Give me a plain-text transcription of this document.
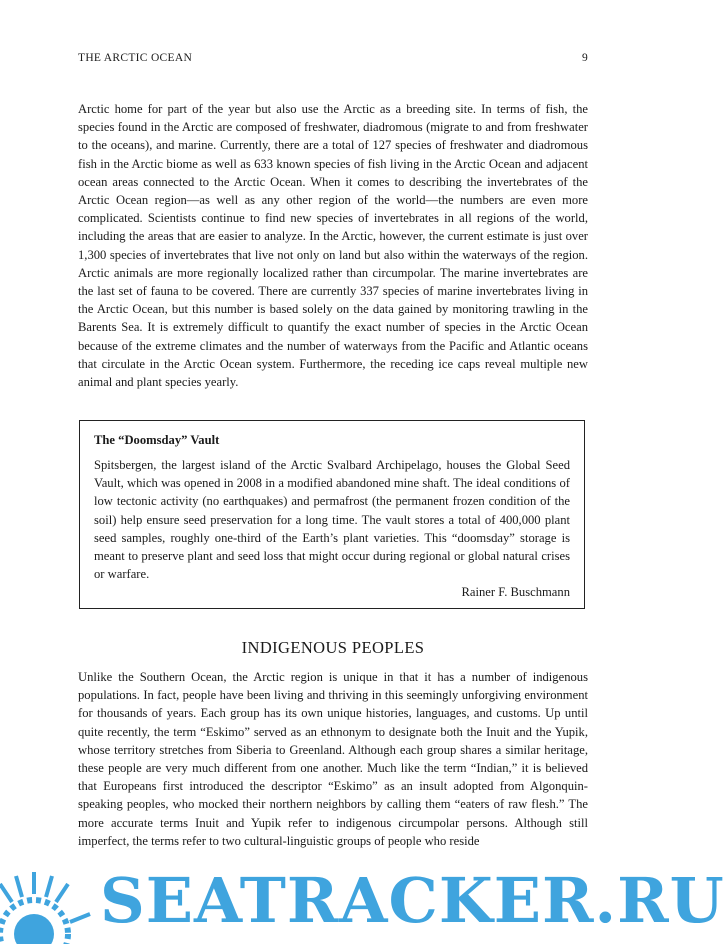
THE ARCTIC OCEAN	9

Arctic home for part of the year but also use the Arctic as a breeding site. In terms of fish, the species found in the Arctic are composed of freshwater, diadromous (migrate to and from freshwater to the oceans), and marine. Currently, there are a total of 127 species of freshwater and diadromous fish in the Arctic biome as well as 633 known species of fish living in the Arctic Ocean and adjacent ocean areas connected to the Arctic Ocean. When it comes to describing the invertebrates of the Arctic Ocean region—as well as any other region of the world—the numbers are even more complicated. Scientists continue to find new species of invertebrates in all regions of the world, including the areas that are easier to analyze. In the Arctic, however, the current estimate is just over 1,300 species of invertebrates that live not only on land but also within the waterways of the region. Arctic animals are more regionally localized rather than circumpolar. The marine invertebrates are the last set of fauna to be covered. There are currently 337 species of marine invertebrates living in the Arctic Ocean, but this number is based solely on the data gained by monitoring trawling in the Barents Sea. It is extremely difficult to quantify the exact number of species in the Arctic Ocean because of the extreme climates and the number of waterways from the Pacific and Atlantic oceans that circulate in the Arctic Ocean system. Furthermore, the receding ice caps reveal multiple new animal and plant species yearly.

The “Doomsday” Vault

Spitsbergen, the largest island of the Arctic Svalbard Archipelago, houses the Global Seed Vault, which was opened in 2008 in a modified abandoned mine shaft. The ideal conditions of low tectonic activity (no earthquakes) and permafrost (the permanent frozen condition of the soil) help ensure seed preservation for a long time. The vault stores a total of 400,000 plant seed samples, roughly one-third of the Earth’s plant varieties. This “doomsday” storage is meant to preserve plant and seed loss that might occur during regional or global natural crises or warfare.

Rainer F. Buschmann

INDIGENOUS PEOPLES

Unlike the Southern Ocean, the Arctic region is unique in that it has a number of indigenous populations. In fact, people have been living and thriving in this seemingly unforgiving environment for thousands of years. Each group has its own unique histories, languages, and customs. Up until quite recently, the term “Eskimo” served as an ethnonym to designate both the Inuit and the Yupik, whose territory stretches from Siberia to Greenland. Although each group shares a similar heritage, these people are very much different from one another. Much like the term “Indian,” it is believed that Europeans first introduced the descriptor “Eskimo” as an insult adopted from Algonquin-speaking peoples, who mocked their northern neighbors by calling them “eaters of raw flesh.” The more accurate terms Inuit and Yupik refer to indigenous circumpolar persons. Although still imperfect, the terms refer to two cultural-linguistic groups of people who reside

SEATRACKER.RU
